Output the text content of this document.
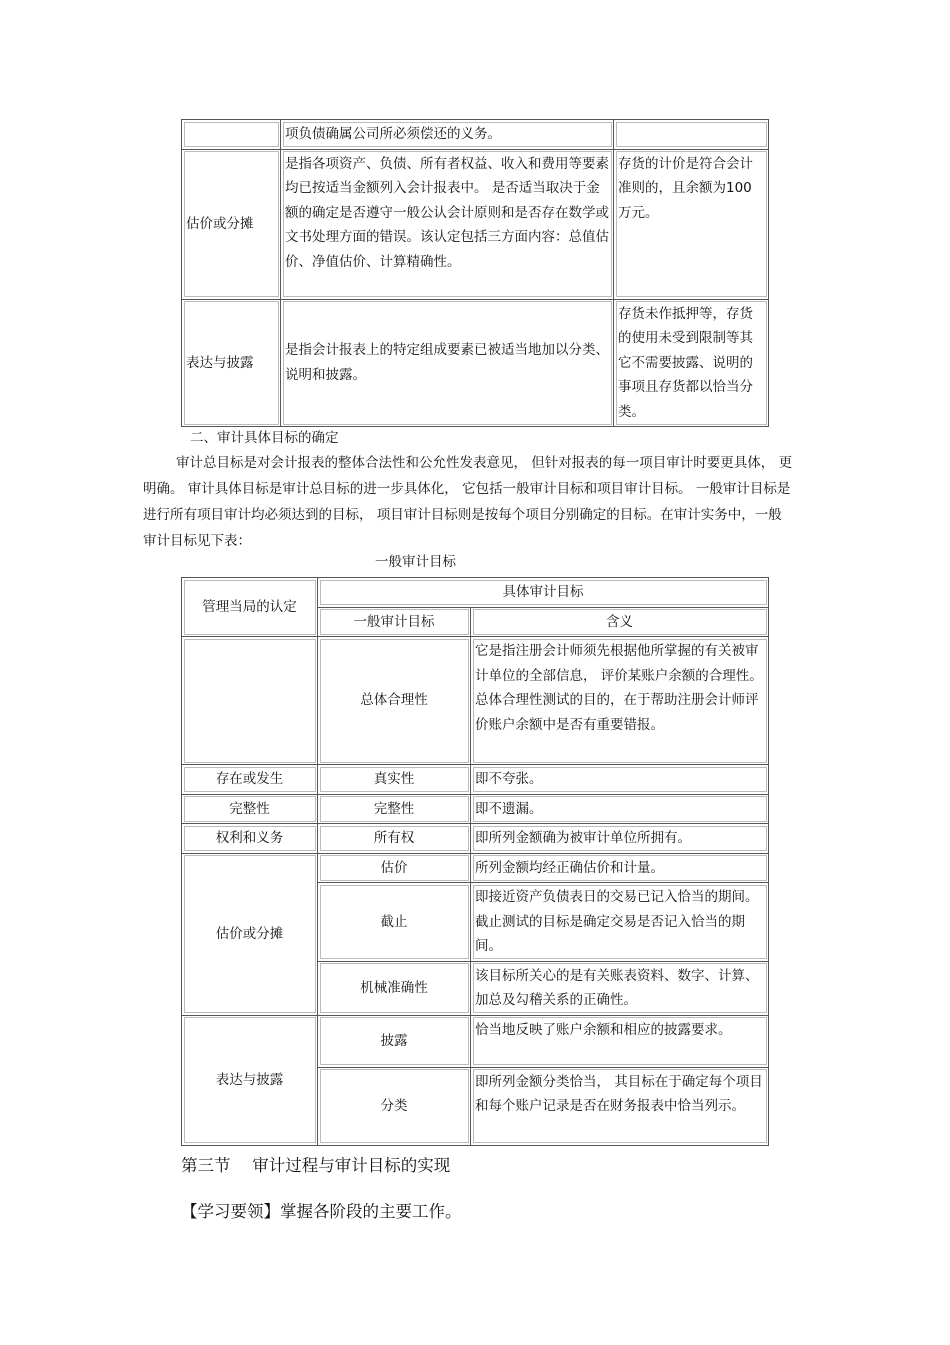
	项负债确属公司所必须偿还的义务。	
估价或分摊	是指各项资产、负债、所有者权益、收入和费用等要素均已按适当金额列入会计报表中。 是否适当取决于金额的确定是否遵守一般公认会计原则和是否存在数学或文书处理方面的错误。该认定包括三方面内容：总值估价、净值估价、计算精确性。	存货的计价是符合会计准则的，且余额为100 万元。
表达与披露	是指会计报表上的特定组成要素已被适当地加以分类、说明和披露。	存货未作抵押等，存货的使用未受到限制等其它不需要披露、说明的事项且存货都以恰当分类。

二、审计具体目标的确定

审计总目标是对会计报表的整体合法性和公允性发表意见， 但针对报表的每一项目审计时要更具体， 更明确。 审计具体目标是审计总目标的进一步具体化， 它包括一般审计目标和项目审计目标。 一般审计目标是进行所有项目审计均必须达到的目标， 项目审计目标则是按每个项目分别确定的目标。在审计实务中，一般审计目标见下表：

一般审计目标

管理当局的认定	具体审计目标	
	一般审计目标	含义
	总体合理性	它是指注册会计师须先根据他所掌握的有关被审计单位的全部信息， 评价某账户余额的合理性。总体合理性测试的目的，在于帮助注册会计师评价账户余额中是否有重要错报。
存在或发生	真实性	即不夸张。
完整性	完整性	即不遗漏。
权利和义务	所有权	即所列金额确为被审计单位所拥有。
估价或分摊	估价	所列金额均经正确估价和计量。
	截止	即接近资产负债表日的交易已记入恰当的期间。截止测试的目标是确定交易是否记入恰当的期间。
	机械准确性	该目标所关心的是有关账表资料、数字、计算、加总及勾稽关系的正确性。
表达与披露	披露	恰当地反映了账户余额和相应的披露要求。
	分类	即所列金额分类恰当， 其目标在于确定每个项目和每个账户记录是否在财务报表中恰当列示。

第三节　 审计过程与审计目标的实现

【学习要领】掌握各阶段的主要工作。
